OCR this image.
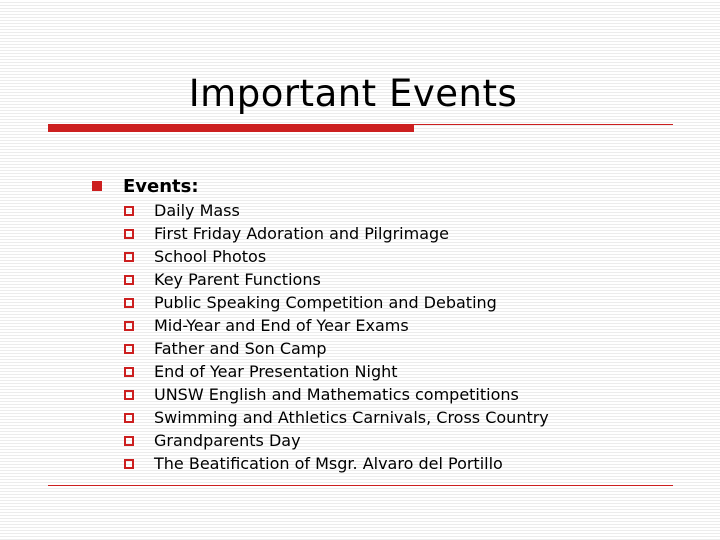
Important Events
Events:
Daily Mass
First Friday Adoration and Pilgrimage
School Photos
Key Parent Functions
Public Speaking Competition and Debating
Mid-Year and End of Year Exams
Father and Son Camp
End of Year Presentation Night
UNSW English and Mathematics competitions
Swimming and Athletics Carnivals, Cross Country
Grandparents Day
The Beatification of Msgr. Alvaro del Portillo
